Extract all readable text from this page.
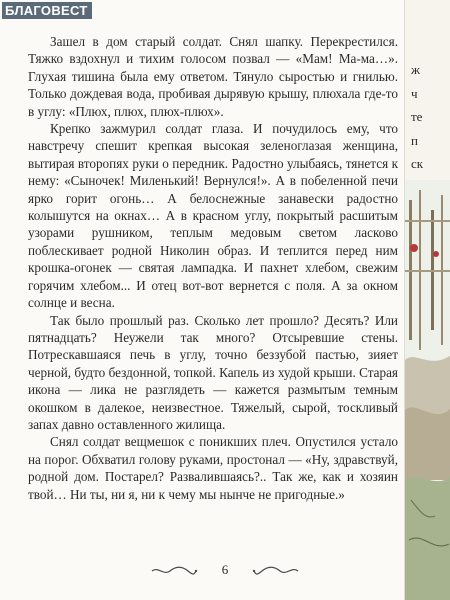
БЛАГОВЕСТ

Зашел в дом старый солдат. Снял шапку. Перекрестился. Тяжко вздохнул и тихим голосом позвал — «Мам! Ма-ма…». Глухая тишина была ему ответом. Тянуло сыростью и гнилью. Только дождевая вода, пробивая дырявую крышу, плюхала где-то в углу: «Плюх, плюх, плюх-плюх».

Крепко зажмурил солдат глаза. И почудилось ему, что навстречу спешит крепкая высокая зеленоглазая женщина, вытирая второпях руки о передник. Радостно улыбаясь, тянется к нему: «Сыночек! Миленький! Вернулся!». А в побеленной печи ярко горит огонь… А белоснежные занавески радостно колышутся на окнах… А в красном углу, покрытый расшитым узорами рушником, теплым медовым светом ласково поблескивает родной Николин образ. И теплится перед ним крошка-огонек — святая лампадка. И пахнет хлебом, свежим горячим хлебом... И отец вот-вот вернется с поля. А за окном солнце и весна.

Так было прошлый раз. Сколько лет прошло? Десять? Или пятнадцать? Неужели так много? Отсыревшие стены. Потрескавшаяся печь в углу, точно беззубой пастью, зияет черной, будто бездонной, топкой. Капель из худой крыши. Старая икона — лика не разглядеть — кажется размытым темным окошком в далекое, неизвестное. Тяжелый, сырой, тоскливый запах давно оставленного жилища.

Снял солдат вещмешок с поникших плеч. Опустился устало на порог. Обхватил голову руками, простонал — «Ну, здравствуй, родной дом. Постарел? Развалившаясь?.. Так же, как и хозяин твой… Ни ты, ни я, ни к чему мы нынче не пригодные.»

6
ж
ч
те
п
ск
